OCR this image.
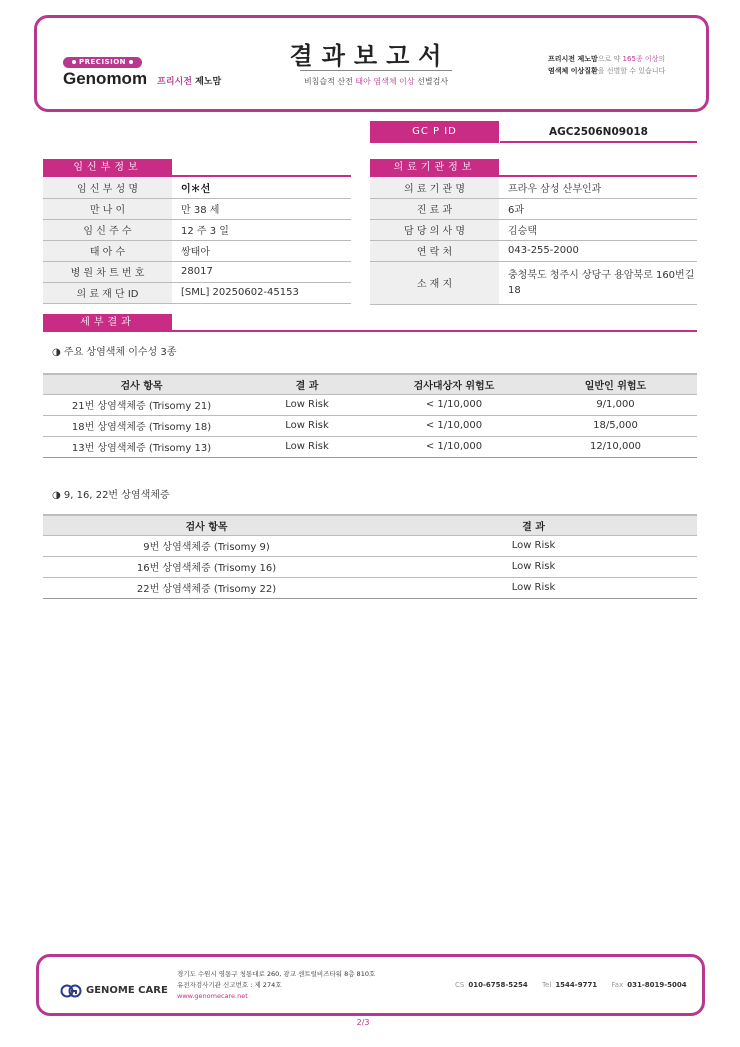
PRECISION
Genomom 프리시전 제노맘
결과보고서
비침습적 산전 태아 염색체 이상 선별검사
프리시전 제노맘으로 약 165종 이상의
염색체 이상질환을 선별할 수 있습니다
GC P ID	AGC2506N09018
임신부정보
임 신 부 성 명	이＊선
만 나 이	만 38 세
임 신 주 수	12 주 3 일
태 아 수	쌍태아
병 원 차 트 번 호	28017
의 료 재 단 ID	[SML] 20250602-45153
의료기관정보
의 료 기 관 명	프라우 삼성 산부인과
진 료 과	6과
담 당 의 사 명	김승택
연 락 처	043-255-2000
소 재 지	충청북도 청주시 상당구 용암북로 160번길 18
세부결과
◑ 주요 상염색체 이수성 3종
검사 항목	결 과	검사대상자 위험도	일반인 위험도
21번 상염색체증 (Trisomy 21)	Low Risk	< 1/10,000	9/1,000
18번 상염색체증 (Trisomy 18)	Low Risk	< 1/10,000	18/5,000
13번 상염색체증 (Trisomy 13)	Low Risk	< 1/10,000	12/10,000
◑ 9, 16, 22번 상염색체증
검사 항목	결 과
9번 상염색체증 (Trisomy 9)	Low Risk
16번 상염색체증 (Trisomy 16)	Low Risk
22번 상염색체증 (Trisomy 22)	Low Risk
GENOME CARE
경기도 수원시 영통구 청통대로 260, 광교 센트럴비즈타워 8층 810호
유전자검사기관 신고번호 : 제 274호
www.genomecare.net
CS 010-6758-5254 Tel 1544-9771 Fax 031-8019-5004
2/3
